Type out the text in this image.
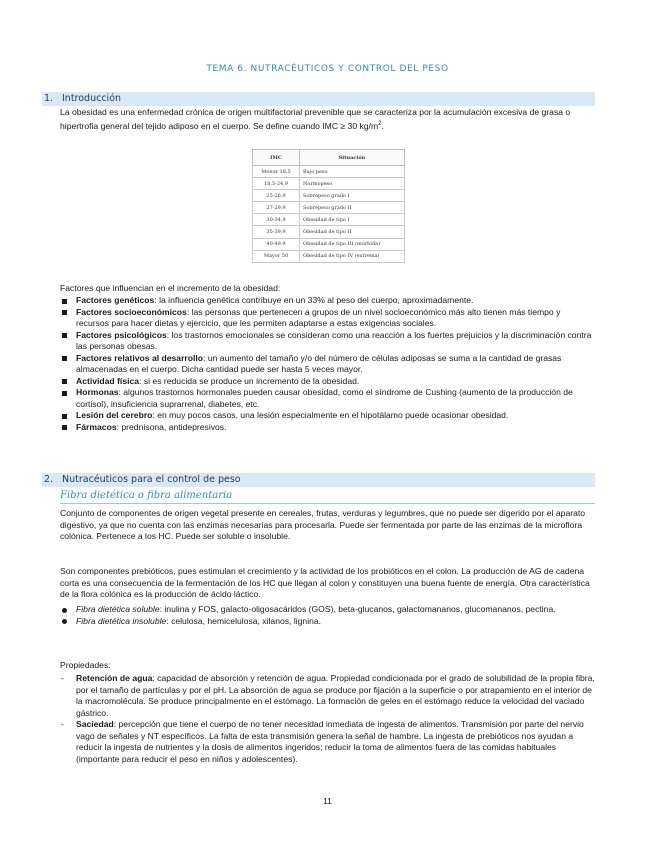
TEMA 6. NUTRACÉUTICOS Y CONTROL DEL PESO
1. Introducción

La obesidad es una enfermedad crónica de origen multifactorial prevenible que se caracteriza por la acumulación excesiva de grasa o hipertrofia general del tejido adiposo en el cuerpo. Se define cuando IMC ≥ 30 $kg/m^2$.

IMC	Situación
Menor 18,5	Bajo peso
18,5-24,9	Normopeso
25-26,9	Sobrepeso grado I
27-29,9	Sobrepeso grado II
30-34,9	Obesidad de tipo I
35-39,9	Obesidad de tipo II
40-49,9	Obesidad de tipo III (mórbida)
Mayor 50	Obesidad de tipo IV (extrema)

Factores que influencian en el incremento de la obesidad:

Factores genéticos: la influencia genética contribuye en un 33% al peso del cuerpo, aproximadamente.
Factores socioeconómicos: las personas que pertenecen a grupos de un nivel socioeconómico más alto tienen más tiempo y recursos para hacer dietas y ejercicio, que les permiten adaptarse a estas exigencias sociales.
Factores psicológicos: los trastornos emocionales se consideran como una reacción a los fuertes prejuicios y la discriminación contra las personas obesas.
Factores relativos al desarrollo: un aumento del tamaño y/o del número de células adiposas se suma a la cantidad de grasas almacenadas en el cuerpo. Dicha cantidad puede ser hasta 5 veces mayor.
Actividad física: si es reducida se produce un incremento de la obesidad.
Hormonas: algunos trastornos hormonales pueden causar obesidad, como el síndrome de Cushing (aumento de la producción de cortisol), insuficiencia suprarrenal, diabetes, etc.
Lesión del cerebro: en muy pocos casos, una lesión especialmente en el hipotálamo puede ocasionar obesidad.
Fármacos: prednisona, antidepresivos.
2. Nutracéuticos para el control de peso
Fibra dietética o fibra alimentaria

Conjunto de componentes de origen vegetal presente en cereales, frutas, verduras y legumbres, que no puede ser digerido por el aparato digestivo, ya que no cuenta con las enzimas necesarias para procesarla. Puede ser fermentada por parte de las enzimas de la microflora colónica. Pertenece a los HC. Puede ser soluble o insoluble.

Son componentes prebióticos, pues estimulan el crecimiento y la actividad de los probióticos en el colon. La producción de AG de cadena corta es una consecuencia de la fermentación de los HC que llegan al colon y constituyen una buena fuente de energía. Otra característica de la flora colónica es la producción de ácido láctico.

Fibra dietética soluble: inulina y FOS, galacto-oligosacáridos (GOS), beta-glucanos, galactomananos, glucomananos, pectina.
Fibra dietética insoluble: celulosa, hemicelulosa, xilanos, lignina.

Propiedades:

- Retención de agua: capacidad de absorción y retención de agua. Propiedad condicionada por el grado de solubilidad de la propia fibra, por el tamaño de partículas y por el pH. La absorción de agua se produce por fijación a la superficie o por atrapamiento en el interior de la macromolécula. Se produce principalmente en el estómago. La formación de geles en el estómago reduce la velocidad del vaciado gástrico.
- Saciedad: percepción que tiene el cuerpo de no tener necesidad inmediata de ingesta de alimentos. Transmisión por parte del nervio vago de señales y NT específicos. La falta de esta transmisión genera la señal de hambre. La ingesta de prebióticos nos ayudan a reducir la ingesta de nutrientes y la dosis de alimentos ingeridos; reducir la toma de alimentos fuera de las comidas habituales (importante para reducir el peso en niños y adolescentes).
11
